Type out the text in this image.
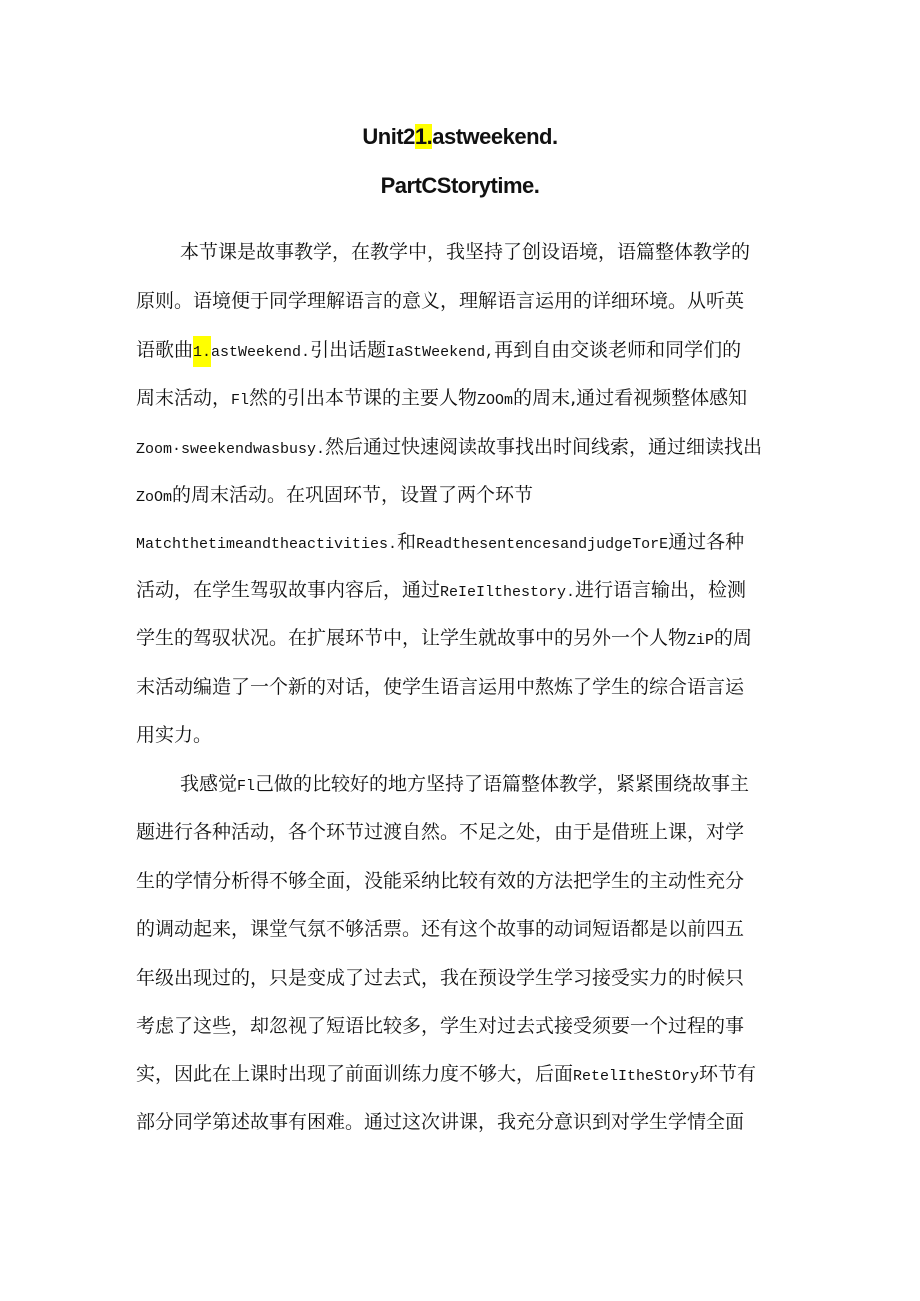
Unit21.astweekend.
PartCStorytime.
本节课是故事教学，在教学中，我坚持了创设语境，语篇整体教学的
原则。语境便于同学理解语言的意义，理解语言运用的详细环境。从听英
语歌曲1.astWeekend.引出话题IaStWeekend,再到自由交谈老师和同学们的
周末活动，Fl然的引出本节课的主要人物ZOOm的周末,通过看视频整体感知
Zoom·sweekendwasbusy.然后通过快速阅读故事找出时间线索，通过细读找出
ZoOm的周末活动。在巩固环节，设置了两个环节
Matchthetimeandtheactivities.和ReadthesentencesandjudgeTorE通过各种
活动，在学生驾驭故事内容后，通过ReIeIlthestory.进行语言输出，检测
学生的驾驭状况。在扩展环节中，让学生就故事中的另外一个人物ZiP的周
末活动编造了一个新的对话，使学生语言运用中熬炼了学生的综合语言运
用实力。
我感觉Fl己做的比较好的地方坚持了语篇整体教学，紧紧围绕故事主
题进行各种活动，各个环节过渡自然。不足之处，由于是借班上课，对学
生的学情分析得不够全面，没能采纳比较有效的方法把学生的主动性充分
的调动起来，课堂气氛不够活票。还有这个故事的动词短语都是以前四五
年级出现过的，只是变成了过去式，我在预设学生学习接受实力的时候只
考虑了这些，却忽视了短语比较多，学生对过去式接受须要一个过程的事
实，因此在上课时出现了前面训练力度不够大，后面RetelItheStOry环节有
部分同学第述故事有困难。通过这次讲课，我充分意识到对学生学情全面
